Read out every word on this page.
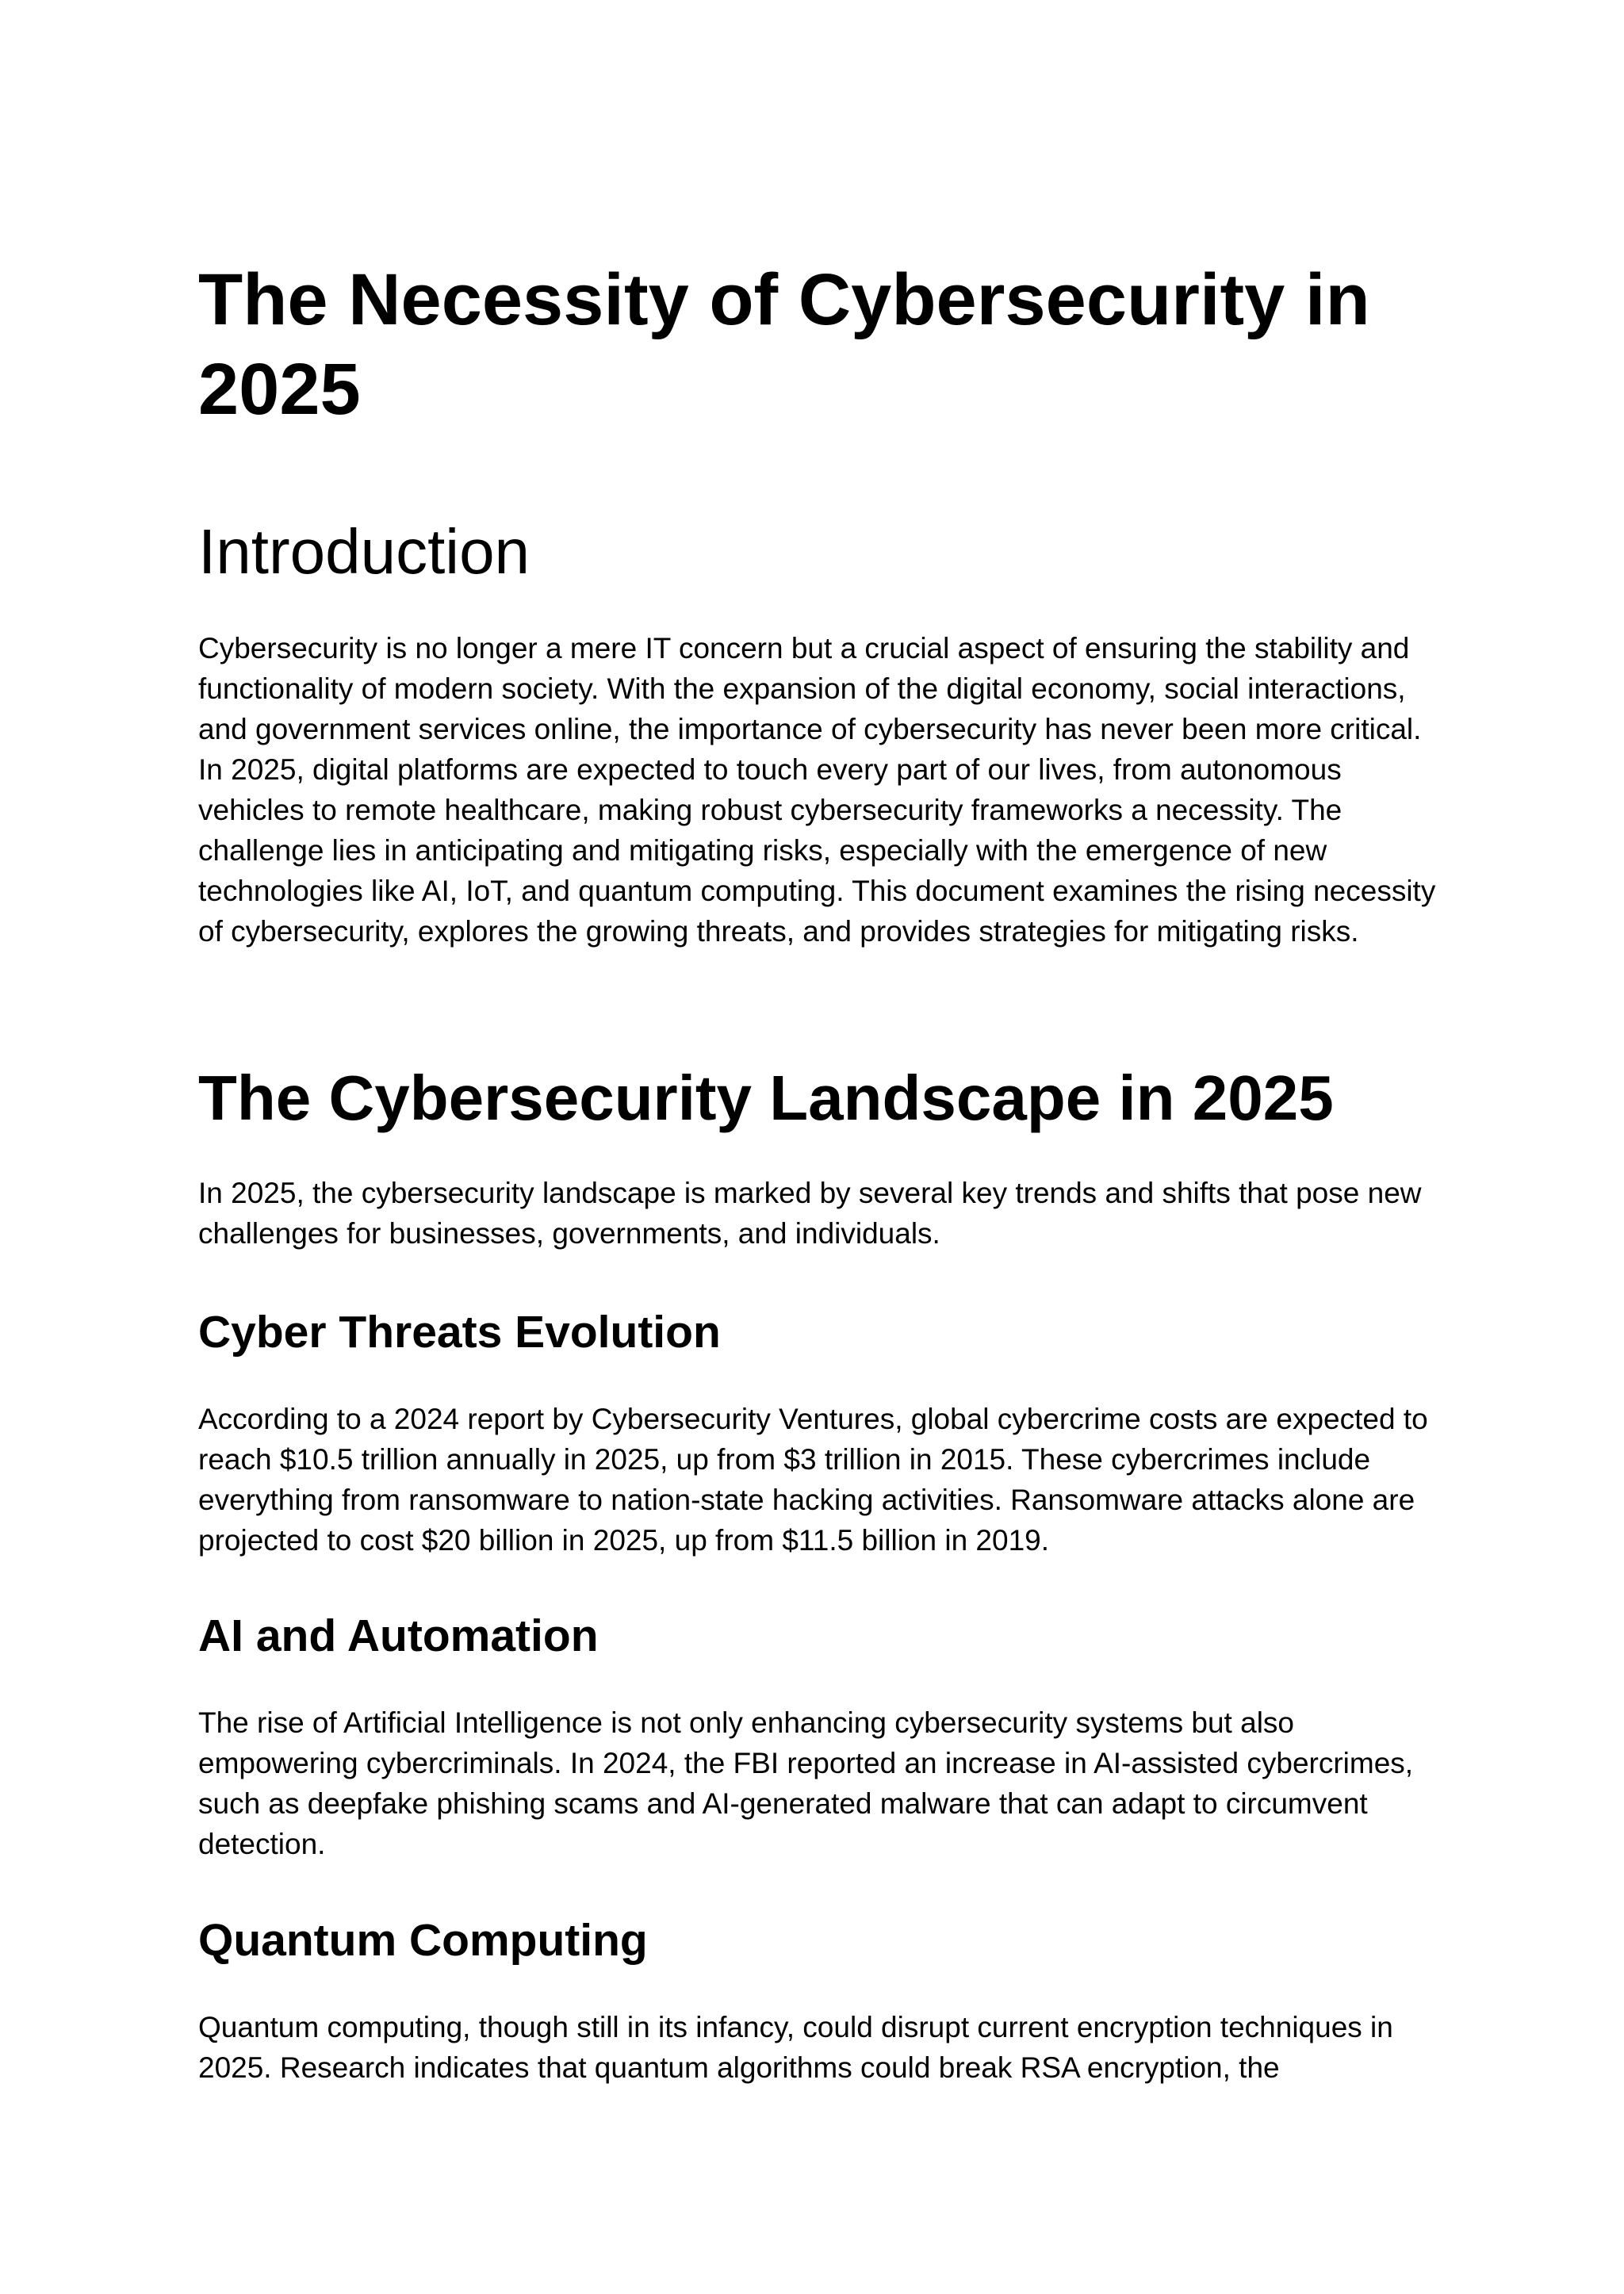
The Necessity of Cybersecurity in 2025
Introduction

Cybersecurity is no longer a mere IT concern but a crucial aspect of ensuring the stability and functionality of modern society. With the expansion of the digital economy, social interactions, and government services online, the importance of cybersecurity has never been more critical. In 2025, digital platforms are expected to touch every part of our lives, from autonomous vehicles to remote healthcare, making robust cybersecurity frameworks a necessity. The challenge lies in anticipating and mitigating risks, especially with the emergence of new technologies like AI, IoT, and quantum computing. This document examines the rising necessity of cybersecurity, explores the growing threats, and provides strategies for mitigating risks.

The Cybersecurity Landscape in 2025

In 2025, the cybersecurity landscape is marked by several key trends and shifts that pose new challenges for businesses, governments, and individuals.

Cyber Threats Evolution

According to a 2024 report by Cybersecurity Ventures, global cybercrime costs are expected to reach $10.5 trillion annually in 2025, up from $3 trillion in 2015. These cybercrimes include everything from ransomware to nation-state hacking activities. Ransomware attacks alone are projected to cost $20 billion in 2025, up from $11.5 billion in 2019.

AI and Automation

The rise of Artificial Intelligence is not only enhancing cybersecurity systems but also empowering cybercriminals. In 2024, the FBI reported an increase in AI-assisted cybercrimes, such as deepfake phishing scams and AI-generated malware that can adapt to circumvent detection.

Quantum Computing

Quantum computing, though still in its infancy, could disrupt current encryption techniques in 2025. Research indicates that quantum algorithms could break RSA encryption, the
